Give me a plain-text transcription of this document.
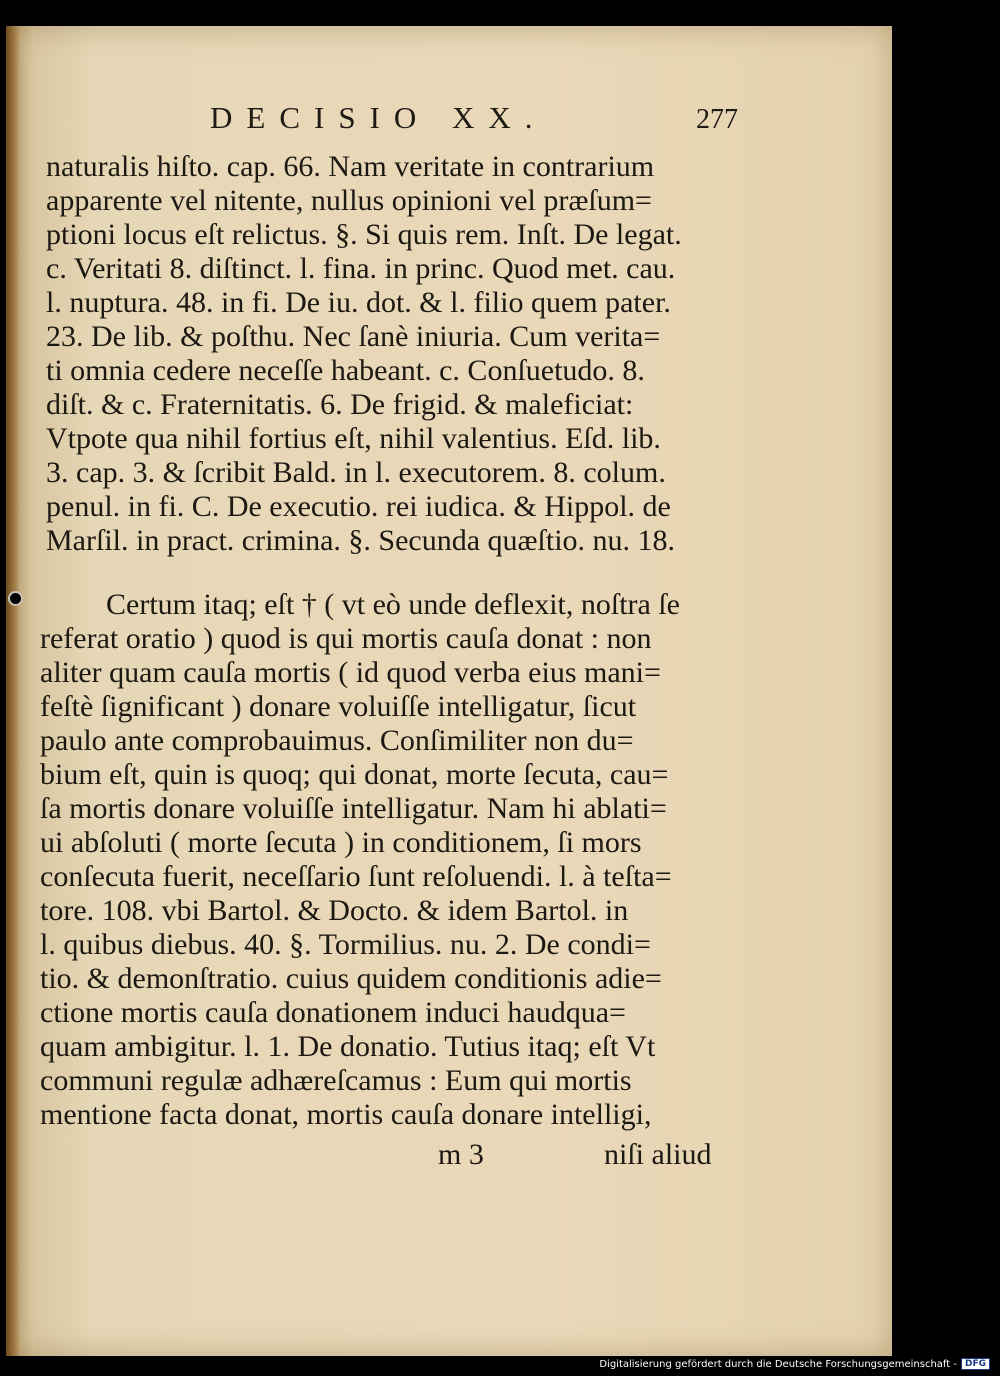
DECISIO XX.	277
naturalis hiſto. cap. 66. Nam veritate in contrarium
apparente vel nitente, nullus opinioni vel præſum=
ptioni locus eſt relictus. §. Si quis rem. Inſt. De legat.
c. Veritati 8. diſtinct. l. fina. in princ. Quod met. cau.
l. nuptura. 48. in fi. De iu. dot. & l. filio quem pater.
23. De lib. & poſthu. Nec ſanè iniuria. Cum verita=
ti omnia cedere neceſſe habeant. c. Conſuetudo. 8.
diſt. & c. Fraternitatis. 6. De frigid. & maleficiat:
Vtpote qua nihil fortius eſt, nihil valentius. Eſd. lib.
3. cap. 3. & ſcribit Bald. in l. executorem. 8. colum.
penul. in fi. C. De executio. rei iudica. & Hippol. de
Marſil. in pract. crimina. §. Secunda quæſtio. nu. 18.
Certum itaq; eſt † ( vt eò unde deflexit, noſtra ſe
referat oratio ) quod is qui mortis cauſa donat : non
aliter quam cauſa mortis ( id quod verba eius mani=
feſtè ſignificant ) donare voluiſſe intelligatur, ſicut
paulo ante comprobauimus. Conſimiliter non du=
bium eſt, quin is quoq; qui donat, morte ſecuta, cau=
ſa mortis donare voluiſſe intelligatur. Nam hi ablati=
ui abſoluti ( morte ſecuta ) in conditionem, ſi mors
conſecuta fuerit, neceſſario ſunt reſoluendi. l. à teſta=
tore. 108. vbi Bartol. & Docto. & idem Bartol. in
l. quibus diebus. 40. §. Tormilius. nu. 2. De condi=
tio. & demonſtratio. cuius quidem conditionis adie=
ctione mortis cauſa donationem induci haudqua=
quam ambigitur. l. 1. De donatio. Tutius itaq; eſt Vt
communi regulæ adhæreſcamus : Eum qui mortis
mentione facta donat, mortis cauſa donare intelligi,
m 3	niſi aliud
Digitalisierung gefördert durch die Deutsche Forschungsgemeinschaft - DFG
